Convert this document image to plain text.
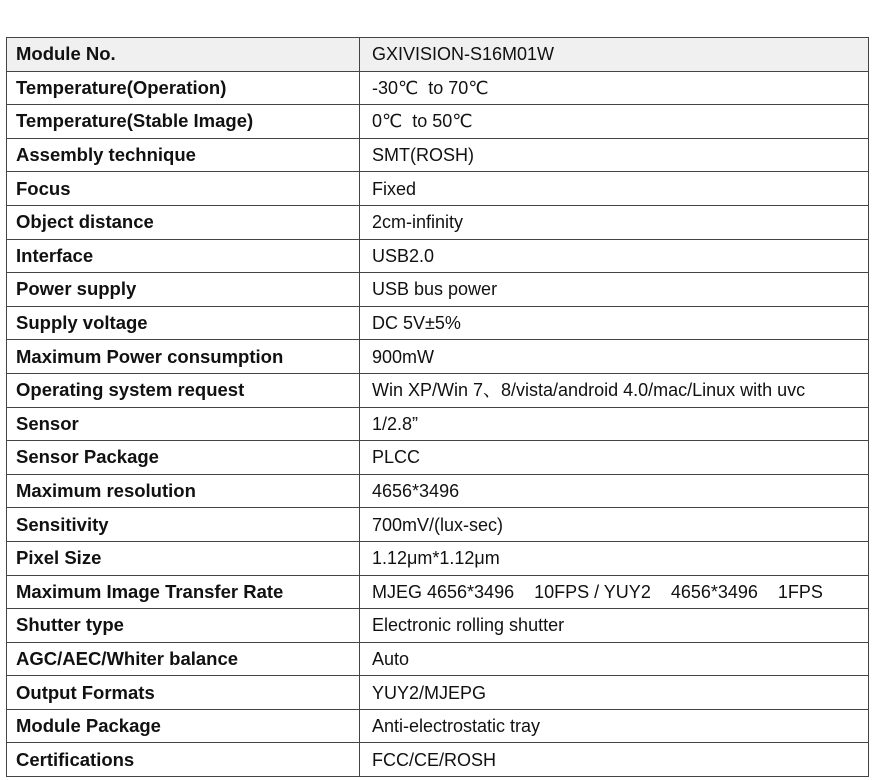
Module No.	GXIVISION-S16M01W
Temperature(Operation)	-30℃  to 70℃
Temperature(Stable Image)	0℃  to 50℃
Assembly technique	SMT(ROSH)
Focus	Fixed
Object distance	2cm-infinity
Interface	USB2.0
Power supply	USB bus power
Supply voltage	DC 5V±5%
Maximum Power consumption	900mW
Operating system request	Win XP/Win 7、8/vista/android 4.0/mac/Linux with uvc
Sensor	1/2.8”
Sensor Package	PLCC
Maximum resolution	4656*3496
Sensitivity	700mV/(lux-sec)
Pixel Size	1.12μm*1.12μm
Maximum Image Transfer Rate	MJEG 4656*3496    10FPS / YUY2    4656*3496    1FPS
Shutter type	Electronic rolling shutter
AGC/AEC/Whiter balance	Auto
Output Formats	YUY2/MJEPG
Module Package	Anti-electrostatic tray
Certifications	FCC/CE/ROSH
